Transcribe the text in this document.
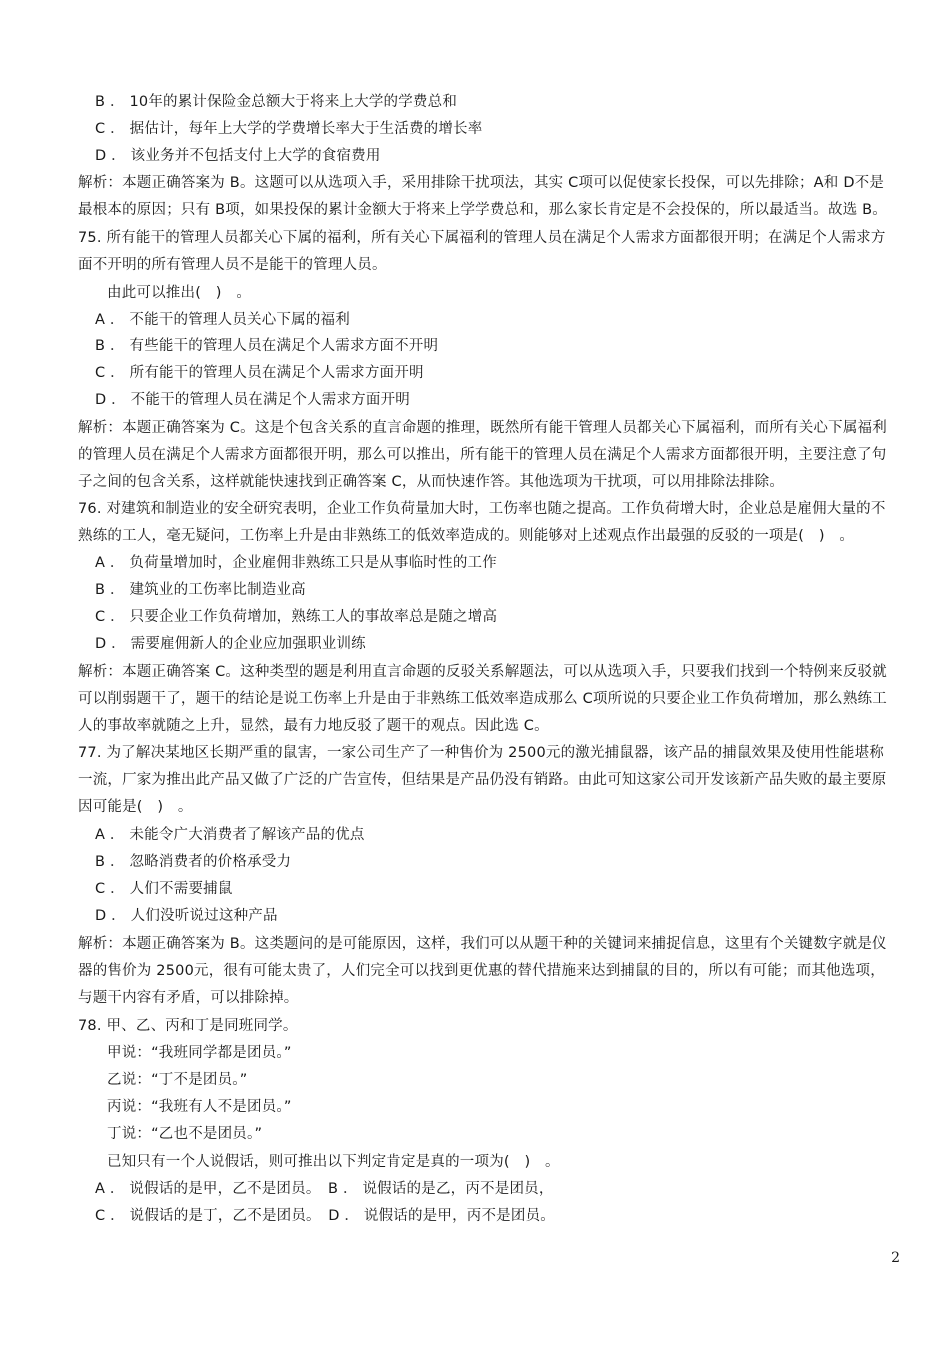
B ． 10年的累计保险金总额大于将来上大学的学费总和
C ． 据估计，每年上大学的学费增长率大于生活费的增长率
D ． 该业务并不包括支付上大学的食宿费用
解析：本题正确答案为 B。这题可以从选项入手，采用排除干扰项法，其实 C项可以促使家长投保，可以先排除；A和 D不是
最根本的原因；只有 B项，如果投保的累计金额大于将来上学学费总和，那么家长肯定是不会投保的，所以最适当。故选 B。
75. 所有能干的管理人员都关心下属的福利，所有关心下属福利的管理人员在满足个人需求方面都很开明；在满足个人需求方
面不开明的所有管理人员不是能干的管理人员。
由此可以推出(　)　。
A ． 不能干的管理人员关心下属的福利
B ． 有些能干的管理人员在满足个人需求方面不开明
C ． 所有能干的管理人员在满足个人需求方面开明
D ． 不能干的管理人员在满足个人需求方面开明
解析：本题正确答案为 C。这是个包含关系的直言命题的推理，既然所有能干管理人员都关心下属福利，而所有关心下属福利
的管理人员在满足个人需求方面都很开明，那么可以推出，所有能干的管理人员在满足个人需求方面都很开明，主要注意了句
子之间的包含关系，这样就能快速找到正确答案 C，从而快速作答。其他选项为干扰项，可以用排除法排除。
76. 对建筑和制造业的安全研究表明，企业工作负荷量加大时，工伤率也随之提高。工作负荷增大时，企业总是雇佣大量的不
熟练的工人，毫无疑问，工伤率上升是由非熟练工的低效率造成的。则能够对上述观点作出最强的反驳的一项是(　)　。
A ． 负荷量增加时，企业雇佣非熟练工只是从事临时性的工作
B ． 建筑业的工伤率比制造业高
C ． 只要企业工作负荷增加，熟练工人的事故率总是随之增高
D ． 需要雇佣新人的企业应加强职业训练
解析：本题正确答案 C。这种类型的题是利用直言命题的反驳关系解题法，可以从选项入手，只要我们找到一个特例来反驳就
可以削弱题干了，题干的结论是说工伤率上升是由于非熟练工低效率造成那么 C项所说的只要企业工作负荷增加，那么熟练工
人的事故率就随之上升，显然，最有力地反驳了题干的观点。因此选 C。
77. 为了解决某地区长期严重的鼠害，一家公司生产了一种售价为 2500元的激光捕鼠器，该产品的捕鼠效果及使用性能堪称
一流，厂家为推出此产品又做了广泛的广告宣传，但结果是产品仍没有销路。由此可知这家公司开发该新产品失败的最主要原
因可能是(　)　。
A ． 未能令广大消费者了解该产品的优点
B ． 忽略消费者的价格承受力
C ． 人们不需要捕鼠
D ． 人们没听说过这种产品
解析：本题正确答案为 B。这类题问的是可能原因，这样，我们可以从题干种的关键词来捕捉信息，这里有个关键数字就是仪
器的售价为 2500元，很有可能太贵了，人们完全可以找到更优惠的替代措施来达到捕鼠的目的，所以有可能；而其他选项，
与题干内容有矛盾，可以排除掉。
78. 甲、乙、丙和丁是同班同学。
甲说：“我班同学都是团员。”
乙说：“丁不是团员。”
丙说：“我班有人不是团员。”
丁说：“乙也不是团员。”
已知只有一个人说假话，则可推出以下判定肯定是真的一项为(　)　。
A ． 说假话的是甲，乙不是团员。　B ． 说假话的是乙，丙不是团员，
C ． 说假话的是丁，乙不是团员。　D ． 说假话的是甲，丙不是团员。
2
